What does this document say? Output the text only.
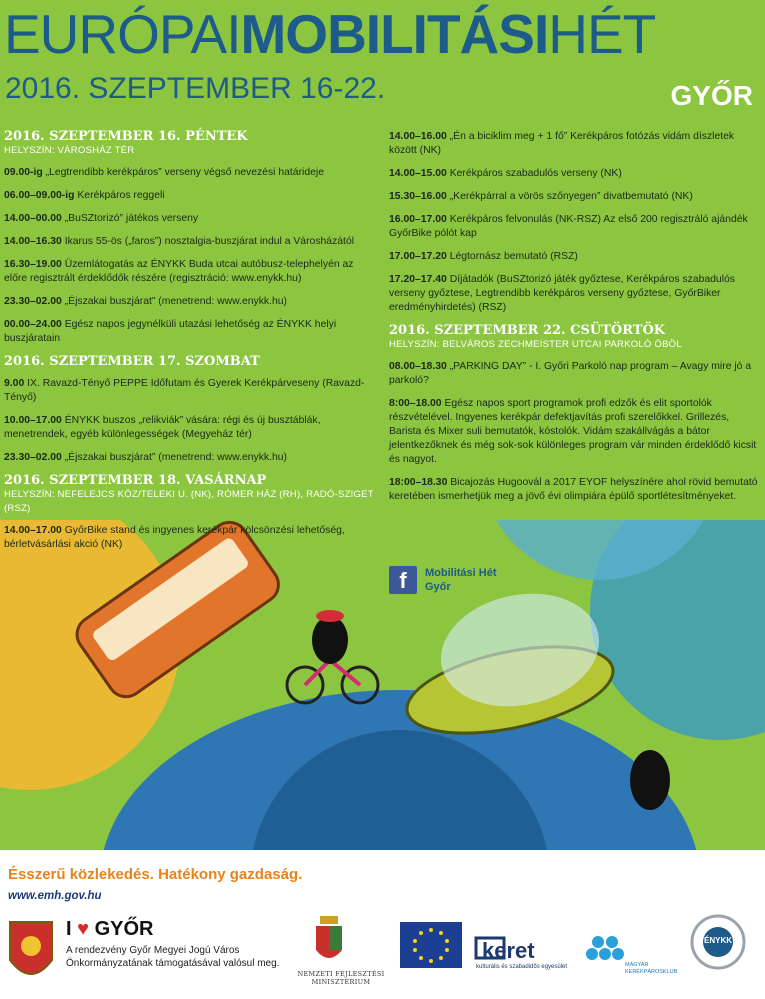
EURÓPAIMOBILITÁSIHÉT
2016. SZEPTEMBER 16-22.	GYŐR
2016. SZEPTEMBER 16. PÉNTEK
HELYSZÍN: VÁROSHÁZ TÉR
09.00-ig „Legtrendibb kerékpáros” verseny végső nevezési határideje
06.00–09.00-ig Kerékpáros reggeli
14.00–00.00 „BuSZtorizó” játékos verseny
14.00–16.30 Ikarus 55-ös („faros”) nosztalgia-buszjárat indul a Városházától
16.30–19.00 Üzemlátogatás az ÉNYKK Buda utcai autóbusz-telephelyén az előre regisztrált érdeklődők részére (regisztráció: www.enykk.hu)
23.30–02.00 „Éjszakai buszjárat” (menetrend: www.enykk.hu)
00.00–24.00 Egész napos jegynélküli utazási lehetőség az ÉNYKK helyi buszjáratain
2016. SZEPTEMBER 17. SZOMBAT
9.00 IX. Ravazd-Tényő PEPPE Időfutam és Gyerek Kerékpárveseny (Ravazd-Tényő)
10.00–17.00 ÉNYKK buszos „relikviák” vására: régi és új busztáblák, menetrendek, egyéb különlegességek (Megyeház tér)
23.30–02.00 „Éjszakai buszjárat” (menetrend: www.enykk.hu)
2016. SZEPTEMBER 18. VASÁRNAP
HELYSZÍN: NEFELEJCS KÖZ/TELEKI U. (NK), RÓMER HÁZ (RH), RADÓ-SZIGET (RSZ)
14.00–17.00 GyőrBike stand és ingyenes kerékpár kölcsönzési lehetőség, bérletvásárlási akció (NK)
14.00–16.00 „Én a biciklim meg + 1 fő” Kerékpáros fotózás vidám díszletek között (NK)
14.00–15.00 Kerékpáros szabadulós verseny (NK)
15.30–16.00 „Kerékpárral a vörös szőnyegen” divatbemutató (NK)
16.00–17.00 Kerékpáros felvonulás (NK-RSZ) Az első 200 regisztráló ajándék GyőrBike pólót kap
17.00–17.20 Légtornász bemutató (RSZ)
17.20–17.40 Díjátadók (BuSZtorizó játék győztese, Kerékpáros szabadulós verseny győztese, Legtrendibb kerékpáros verseny győztese, GyőrBiker eredményhirdetés) (RSZ)
2016. SZEPTEMBER 22. CSÜTÖRTÖK
HELYSZÍN: BELVÁROS ZECHMEISTER UTCAI PARKOLÓ ÖBÖL
08.00–18.30 „PARKING DAY” - I. Győri Parkoló nap program – Avagy mire jó a parkoló?
8:00–18.00 Egész napos sport programok profi edzők és elit sportolók részvételével. Ingyenes kerékpár defektjavítás profi szerelőkkel. Grillezés, Barista és Mixer suli bemutatók, kóstolók. Vidám szakállvágás a bátor jelentkezőknek és még sok-sok különleges program vár minden érdeklődő kicsit és nagyot.
18:00–18.30 Bicajozás Hugoovál a 2017 EYOF helyszínére ahol rövid bemutató keretében ismerhetjük meg a jövő évi olimpiára épülő sportlétesítményeket.
f	Mobilitási Hét
Győr
Ésszerű közlekedés. Hatékony gazdaság.
www.emh.gov.hu
I ♥ GYŐR
A rendezvény Győr Megyei Jogú Város Önkormányzatának támogatásával valósul meg.
NEMZETI FEJLESZTÉSI MINISZTÉRIUM
keret
kulturális és szabadidős egyesület	MAGYAR KERÉKPÁROSKLUB
ÉNYKK
